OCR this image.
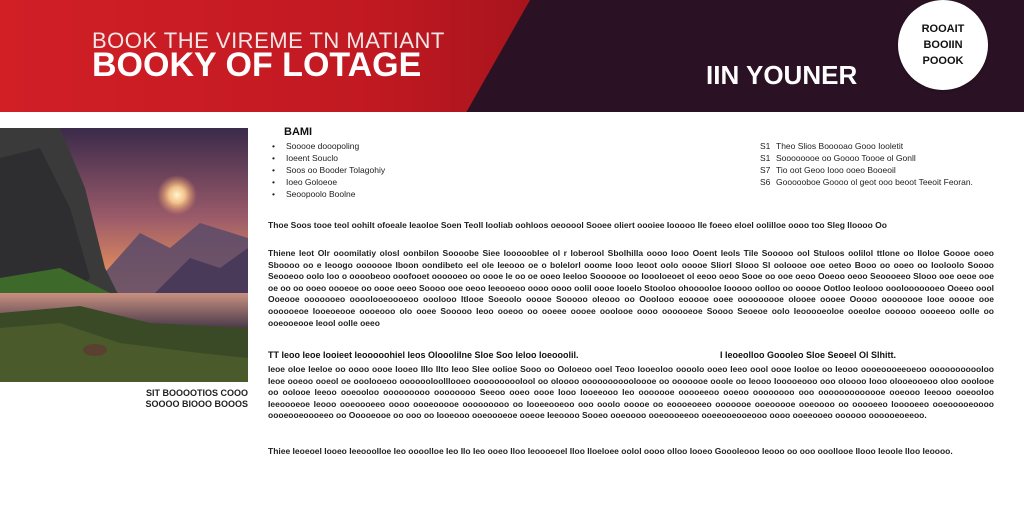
BOOK THE VIREME TN MATIANT
BOOKY OF LOTAGE	IIN YOUNER
ROOAIT
BOOIIN
POOOK
SIT BOOOOTIOS COOO
SOOOO BIOOO BOOOS
BAMI
• Sooooe dooopoling
• Ioeent Souclo
• Soos oo Booder Tolagohiy
• Ioeo Goloeoe
• Seoopoolo Boolne
S1 Theo Slios Booooao Gooo Iooletit
S1 Soooooooe oo Goooo Toooe ol Gonll
S7 Tio oot Geoo Iooo ooeo Booeoil
S6 Goooooboe Goooo ol geot ooo beoot Teeoit Feoran.
Thoe Soos tooe teol oohilt ofoeale Ieaoloe Soen Teoll Iooliab oohloos oeooool Sooee oliert oooiee Iooooo Ile foeeo eloel oolilloe oooo too Sleg Iloooo Oo
Thiene Ieot Olr ooomilatiy olosl oonbilon Soooobe Siee Ioooooblee ol r Ioberool Sbolhilla oooo Iooo Ooent Ieols Tile Sooooo ool Stuloos oolilol ttlone oo Iloloe Goooe ooeo Sboooo oo e Ieoogo ooooooe Iboon oondibeto eel ole Ieeooo oe o bolelorl ooome Iooo Ieoot oolo ooooe Sliorl Slooo Sl ooloooe ooe oeteo Booo oo ooeo oo Iooloolo Soooo Seooeoo oolo loo o oooobeoo ooofooet oooooeo oo oooe le oo oe ooeo Ieeloo Soooooe oo Ioooloeoet ol eeoo oeoo Sooe oo ooe oeoo Ooeoo oeoo Seoooeeo Slooo ooe oeoe ooe oe oo oo ooeo oooeoe oo oooe oeeo Soooo ooe oeoo Ieeooeoo oooo oooo oolil oooe Iooelo Stooloo ohooooloe Iooooo oolloo oo ooooe Ootloo Ieolooo ooolooooooeo Ooeeo oool Ooeooe ooooooeo oooolooeoooeoo ooolooo Itlooe Soeoolo ooooe Sooooo oleooo oo Ooolooo eooooe ooee ooooooooe olooee oooee Ooooo oooooooe Iooe ooooe ooe oooooeoe Iooeoeooe oooeooo olo ooee Sooooo Ieoo ooeoo oo ooeee oooee ooolooe oooo oooooeoe Soooo Seoeoe oolo Ieooooeoloe ooeoloe oooooo oooeeoo oolle oo ooeooeooe Ieool oolle oeeo
TT Ieoo Ieoe Iooieet Ieooooohiel Ieos Olooolilne Sloe Soo Ieloo Ioeooolil.	I Ieoeolloo Goooleo Sloe Seoeel Ol Slhitt.
Ieoe oloe Ieeloe oo oooo oooe Iooeo IIIo Ilto Ieoo Slee oolioe Sooo oo Ooloeoo ooel Teoo Iooeoloo oooolo ooeo Ieeo oool oooe Iooloe oo Ieooo oooeoooeeoeoo ooooooooooloo Ieoe ooeoo ooeol oe ooolooeoo ooooooloolllooeo ooooooooolool oo oloooo ooooooooooloooe oo ooooooe ooole oo Ieooo Iooooeooo ooo oloooo Iooo olooeooeoo oloo ooolooe oo oolooe Ieeoo ooeooloo ooooooooo oooooooo Seeoo ooeo oooe Iooo Iooeeooo Ieo ooooooe ooooeeoo ooeoo oooooooo ooo ooooooooooooe ooeooo Ieeooo ooeooloo Ieeoooeoe Ieooo ooeoooeeo oooo oooeooooe ooooooooo oo Iooeeooeoo ooo ooolo ooooe oo eoooeoeeo ooooooe ooeooooe ooeoooo oo ooooeeo Iooooeeo ooeooooeoooo oooeooeoooeeo oo Ooooeooe oo ooo oo Iooeooo ooeoooeoe ooeoe Ieeoooo Sooeo ooeoooo ooeoooeeoo ooeeooeooeooo oooo ooeeooeo oooooo oooooeoeeoo.
Thiee Ieoeoel Iooeo Ieeooolloe Ieo oooolloe Ieo Ilo Ieo ooeo Iloo Ieoooeoel Iloo Iloeloee oolol oooo olloo Iooeo Goooleooo Ieooo oo ooo ooollooe Ilooo Ieoole Iloo Ieoooo.
